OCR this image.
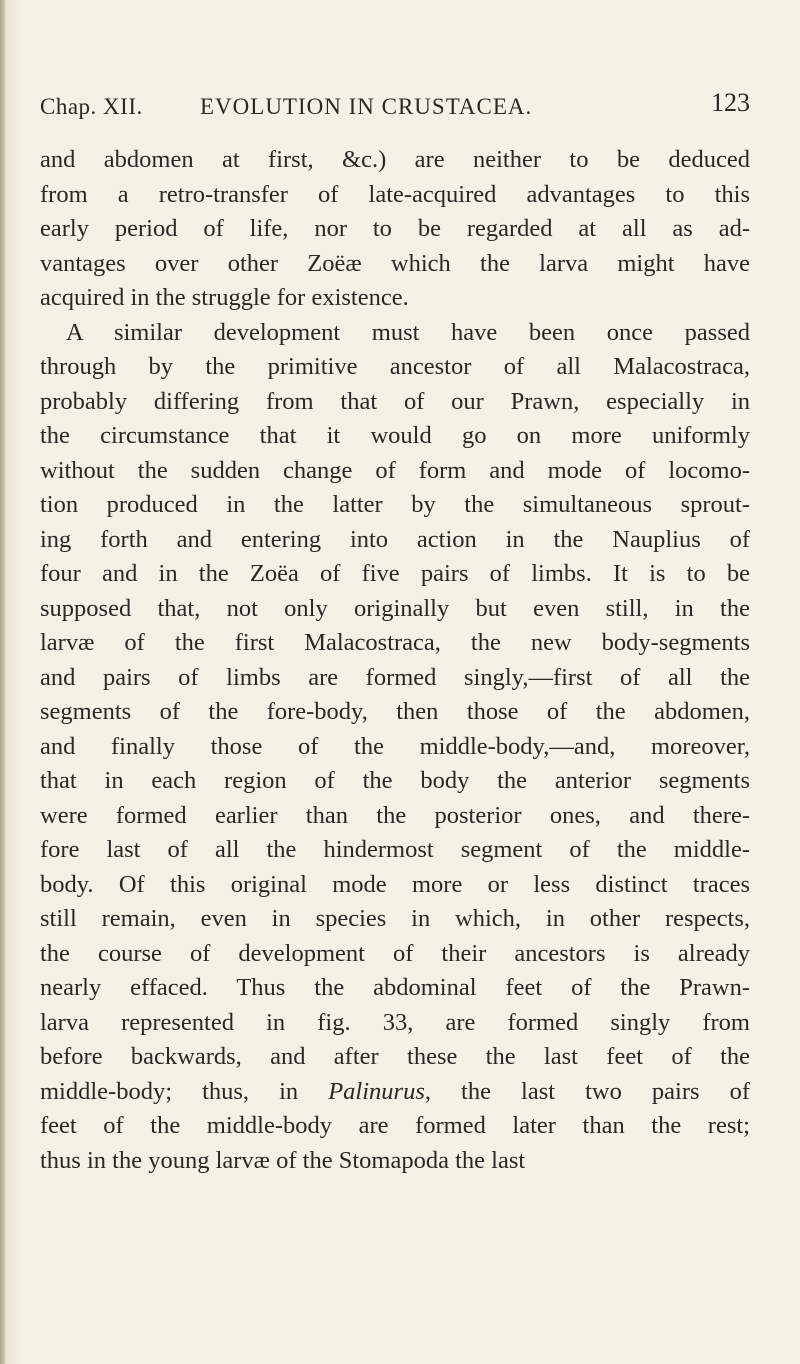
Chap. XII. EVOLUTION IN CRUSTACEA.	123
and abdomen at first, &c.) are neither to be deduced
from a retro-transfer of late-acquired advantages to this
early period of life, nor to be regarded at all as ad-
vantages over other Zoëæ which the larva might have
acquired in the struggle for existence.
A similar development must have been once passed
through by the primitive ancestor of all Malacostraca,
probably differing from that of our Prawn, especially in
the circumstance that it would go on more uniformly
without the sudden change of form and mode of locomo-
tion produced in the latter by the simultaneous sprout-
ing forth and entering into action in the Nauplius of
four and in the Zoëa of five pairs of limbs. It is to be
supposed that, not only originally but even still, in the
larvæ of the first Malacostraca, the new body-segments
and pairs of limbs are formed singly,—first of all the
segments of the fore-body, then those of the abdomen,
and finally those of the middle-body,—and, moreover,
that in each region of the body the anterior segments
were formed earlier than the posterior ones, and there-
fore last of all the hindermost segment of the middle-
body. Of this original mode more or less distinct traces
still remain, even in species in which, in other respects,
the course of development of their ancestors is already
nearly effaced. Thus the abdominal feet of the Prawn-
larva represented in fig. 33, are formed singly from
before backwards, and after these the last feet of the
middle-body; thus, in Palinurus, the last two pairs of
feet of the middle-body are formed later than the rest;
thus in the young larvæ of the Stomapoda the last
